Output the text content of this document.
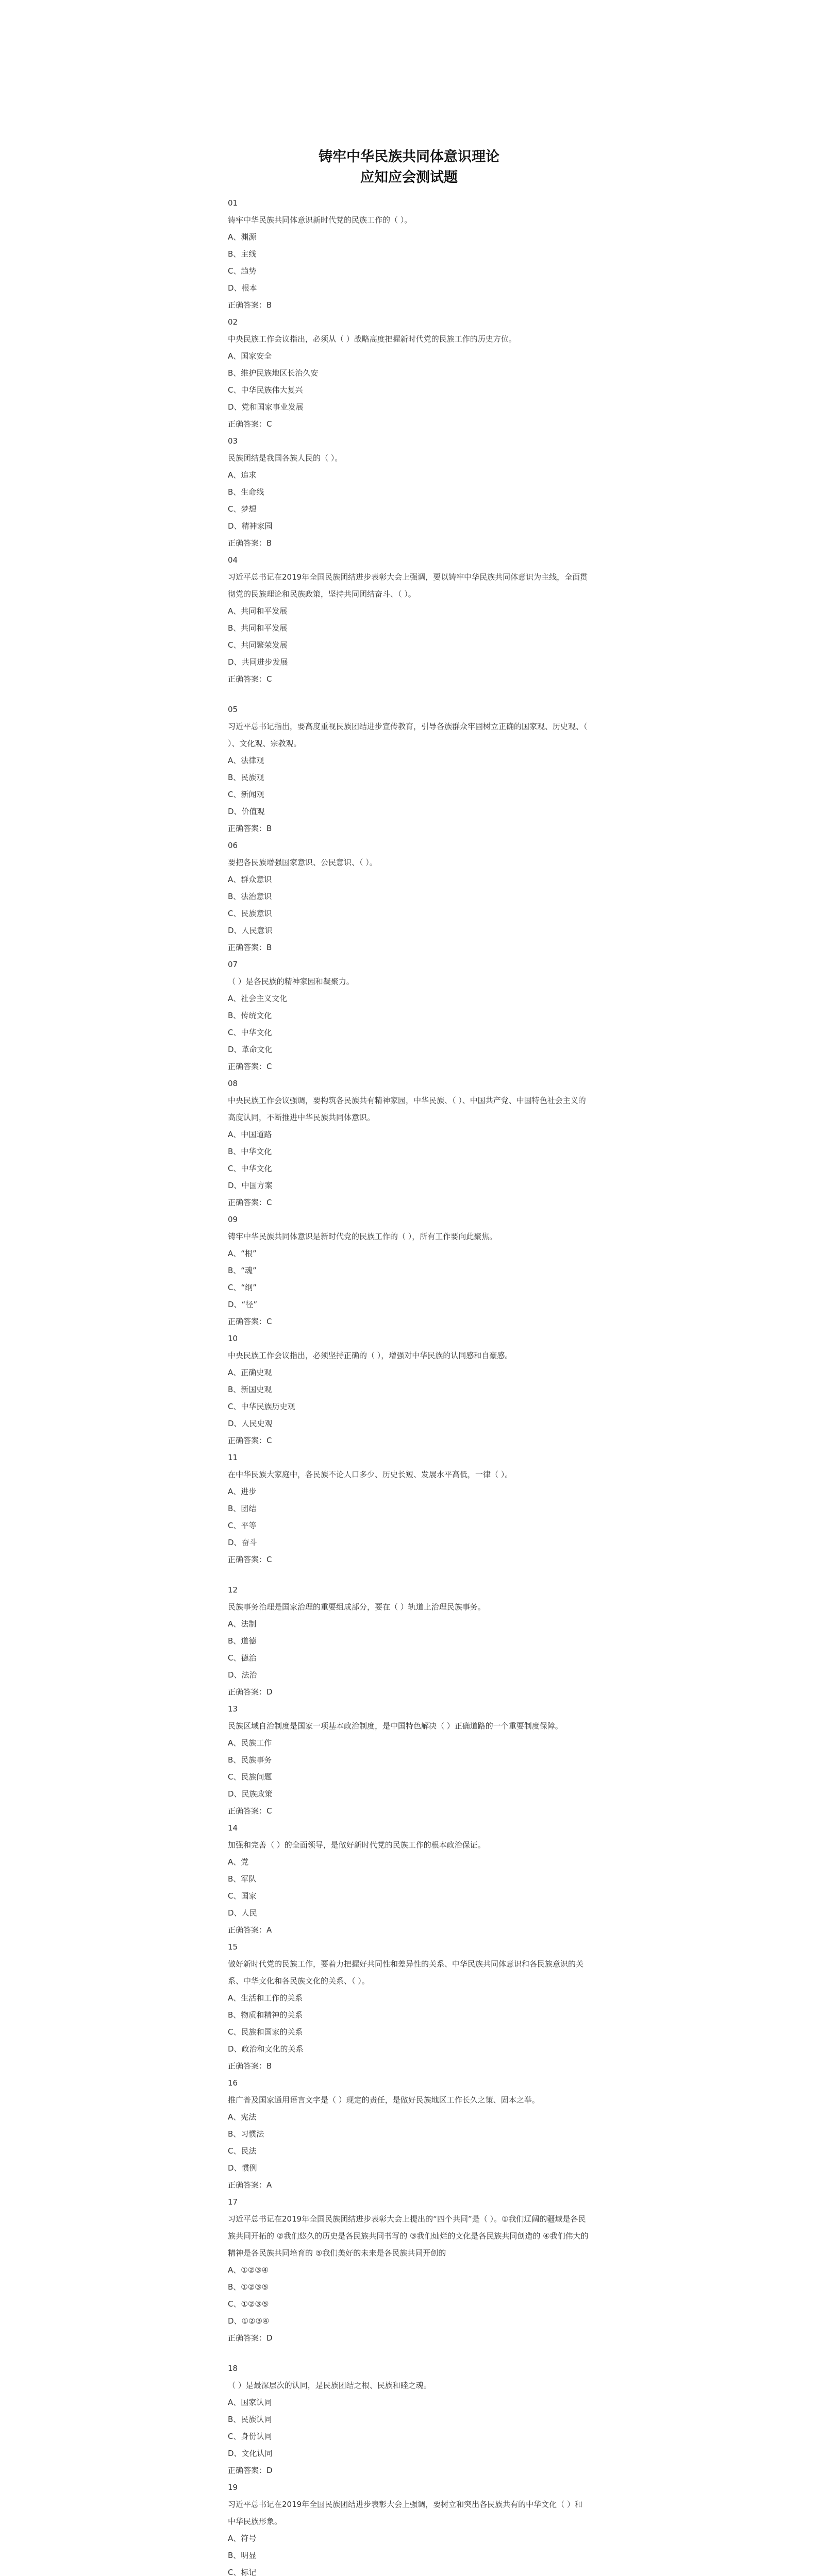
铸牢中华民族共同体意识理论
应知应会测试题

01

铸牢中华民族共同体意识新时代党的民族工作的（ ）。

A、渊源

B、主线

C、趋势

D、根本

正确答案：B

02

中央民族工作会议指出，必须从（ ）战略高度把握新时代党的民族工作的历史方位。

A、国家安全

B、维护民族地区长治久安

C、中华民族伟大复兴

D、党和国家事业发展

正确答案：C

03

民族团结是我国各族人民的（ ）。

A、追求

B、生命线

C、梦想

D、精神家园

正确答案：B

04

习近平总书记在2019年全国民族团结进步表彰大会上强调，要以铸牢中华民族共同体意识为主线，全面贯彻党的民族理论和民族政策，坚持共同团结奋斗、（ ）。

A、共同和平发展

B、共同和平发展

C、共同繁荣发展

D、共同进步发展

正确答案：C

05

习近平总书记指出，要高度重视民族团结进步宣传教育，引导各族群众牢固树立正确的国家观、历史观、（ ）、文化观、宗教观。

A、法律观

B、民族观

C、新闻观

D、价值观

正确答案：B

06

要把各民族增强国家意识、公民意识、（ ）。

A、群众意识

B、法治意识

C、民族意识

D、人民意识

正确答案：B

07

（ ）是各民族的精神家园和凝聚力。

A、社会主义文化

B、传统文化

C、中华文化

D、革命文化

正确答案：C

08

中央民族工作会议强调，要构筑各民族共有精神家园，中华民族、（ ）、中国共产党、中国特色社会主义的高度认同，不断推进中华民族共同体意识。

A、中国道路

B、中华文化

C、中华文化

D、中国方案

正确答案：C

09

铸牢中华民族共同体意识是新时代党的民族工作的（ ），所有工作要向此聚焦。

A、“根”

B、“魂”

C、“纲”

D、“径”

正确答案：C

10

中央民族工作会议指出，必须坚持正确的（ ），增强对中华民族的认同感和自豪感。

A、正确史观

B、新国史观

C、中华民族历史观

D、人民史观

正确答案：C

11

在中华民族大家庭中，各民族不论人口多少、历史长短、发展水平高低，一律（ ）。

A、进步

B、团结

C、平等

D、奋斗

正确答案：C

12

民族事务治理是国家治理的重要组成部分，要在（ ）轨道上治理民族事务。

A、法制

B、道德

C、德治

D、法治

正确答案：D

13

民族区域自治制度是国家一项基本政治制度，是中国特色解决（ ）正确道路的一个重要制度保障。

A、民族工作

B、民族事务

C、民族问题

D、民族政策

正确答案：C

14

加强和完善（ ）的全面领导，是做好新时代党的民族工作的根本政治保证。

A、党

B、军队

C、国家

D、人民

正确答案：A

15

做好新时代党的民族工作，要着力把握好共同性和差异性的关系、中华民族共同体意识和各民族意识的关系、中华文化和各民族文化的关系、（ ）。

A、生活和工作的关系

B、物质和精神的关系

C、民族和国家的关系

D、政治和文化的关系

正确答案：B

16

推广普及国家通用语言文字是（ ）现定的责任，是做好民族地区工作长久之策、固本之举。

A、宪法

B、习惯法

C、民法

D、惯例

正确答案：A

17

习近平总书记在2019年全国民族团结进步表彰大会上提出的“四个共同”是（ ）。①我们辽阔的疆域是各民族共同开拓的 ②我们悠久的历史是各民族共同书写的 ③我们灿烂的文化是各民族共同创造的 ④我们伟大的精神是各民族共同培育的 ⑤我们美好的未来是各民族共同开创的

A、①②③④

B、①②③⑤

C、①②③⑤

D、①②③④

正确答案：D

18

（ ）是最深层次的认同，是民族团结之根、民族和睦之魂。

A、国家认同

B、民族认同

C、身份认同

D、文化认同

正确答案：D

19

习近平总书记在2019年全国民族团结进步表彰大会上强调，要树立和突出各民族共有的中华文化（ ）和中华民族形象。

A、符号

B、明显

C、标记
